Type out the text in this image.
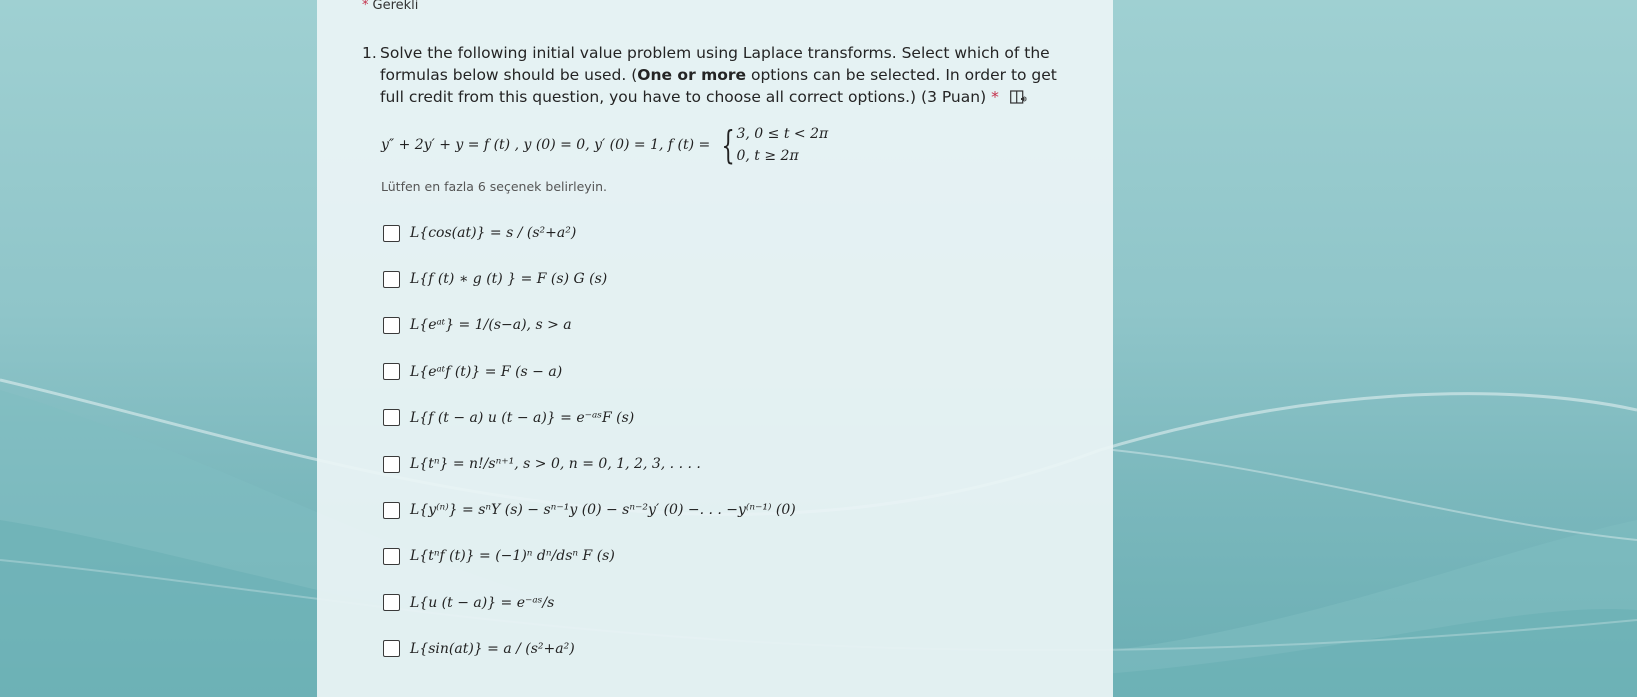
* Gerekli
1. Solve the following initial value problem using Laplace transforms. Select which of the formulas below should be used. (One or more options can be selected. In order to get full credit from this question, you have to choose all correct options.) (3 Puan) *
y″ + 2y′ + y = f (t) , y (0) = 0, y′ (0) = 1, f (t) = { 3, 0 ≤ t < 2π
0, t ≥ 2π
Lütfen en fazla 6 seçenek belirleyin.
L{cos(at)} = s / (s²+a²)
L{f (t) ∗ g (t) } = F (s) G (s)
L{eᵃᵗ} = 1/(s−a), s > a
L{eᵃᵗf (t)} = F (s − a)
L{f (t − a) u (t − a)} = e⁻ᵃˢF (s)
L{tⁿ} = n!/sⁿ⁺¹, s > 0, n = 0, 1, 2, 3, . . . .
L{y⁽ⁿ⁾} = sⁿY (s) − sⁿ⁻¹y (0) − sⁿ⁻²y′ (0) −. . . −y⁽ⁿ⁻¹⁾ (0)
L{tⁿf (t)} = (−1)ⁿ dⁿ/dsⁿ F (s)
L{u (t − a)} = e⁻ᵃˢ/s
L{sin(at)} = a / (s²+a²)
